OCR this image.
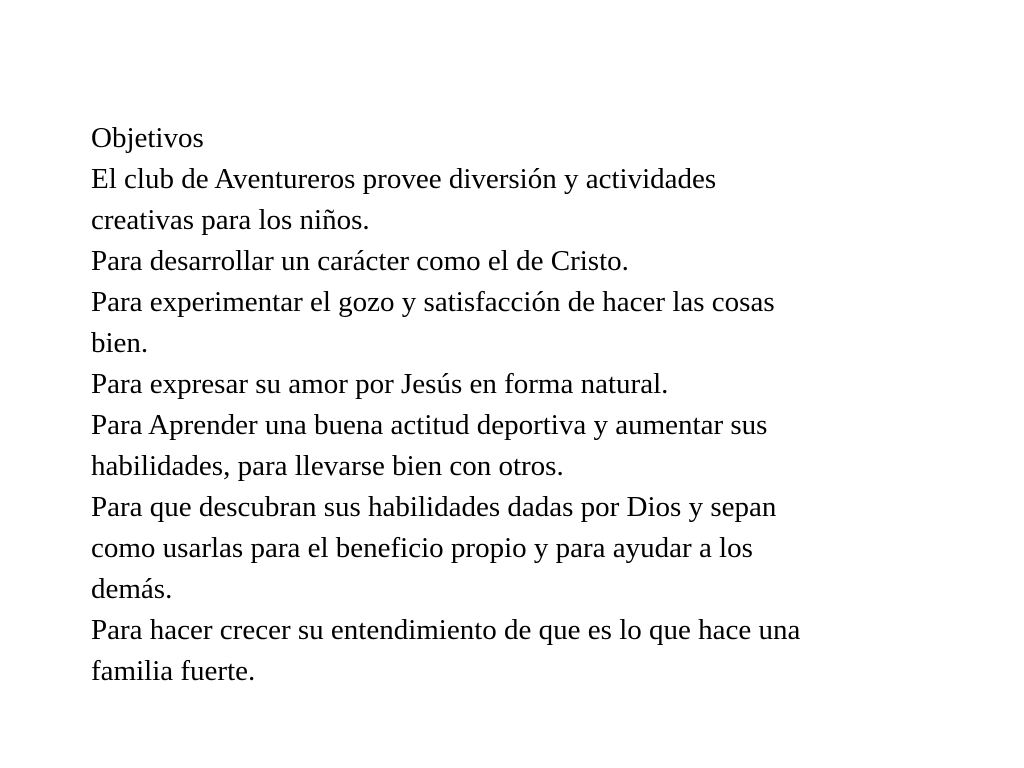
Objetivos
El club de Aventureros provee diversión y actividades
creativas para los niños.
Para desarrollar un carácter como el de Cristo.
Para experimentar el gozo y satisfacción de hacer las cosas
bien.
Para expresar su amor por Jesús en forma natural.
Para Aprender una buena actitud deportiva y aumentar sus
habilidades, para llevarse bien con otros.
Para que descubran sus habilidades dadas por Dios y sepan
como usarlas para el beneficio propio y para ayudar a los
demás.
Para hacer crecer su entendimiento de que es lo que hace una
familia fuerte.
